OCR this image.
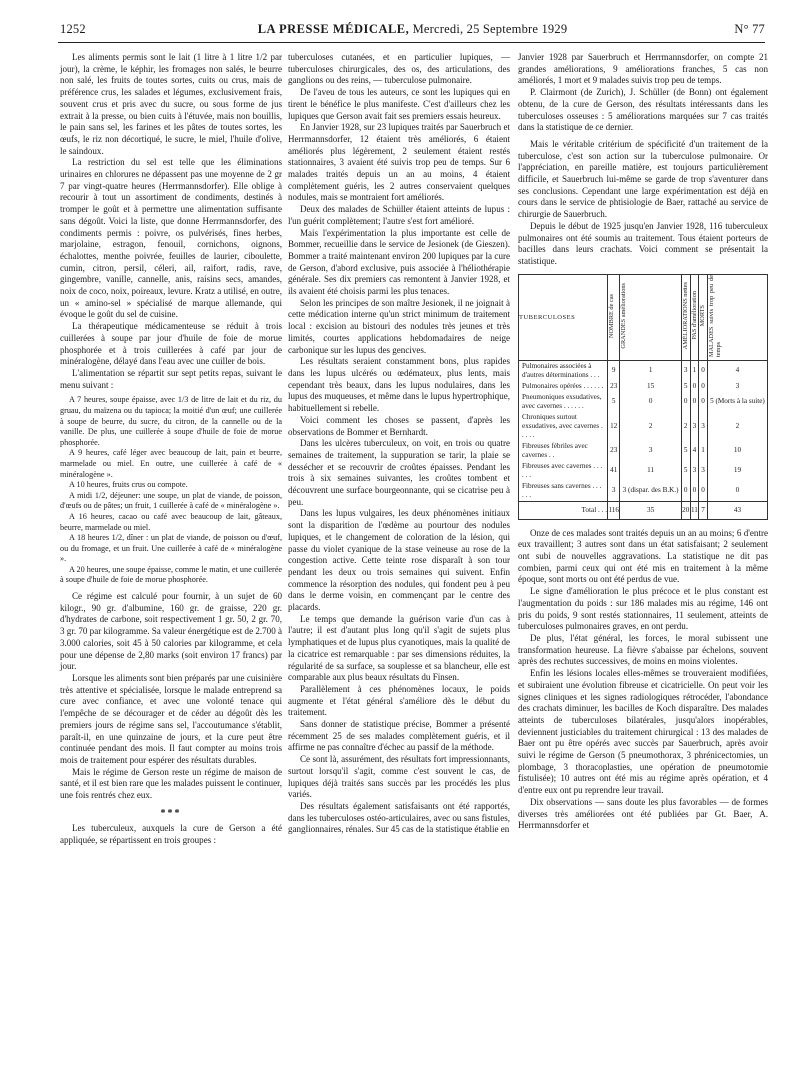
1252	LA PRESSE MÉDICALE, Mercredi, 25 Septembre 1929	N° 77

Les aliments permis sont le lait (1 litre à 1 litre 1/2 par jour), la crème, le képhir, les fromages non salés, le beurre non salé, les fruits de toutes sortes, cuits ou crus, mais de préférence crus, les salades et légumes, exclusivement frais, souvent crus et pris avec du sucre, ou sous forme de jus extrait à la presse, ou bien cuits à l'étuvée, mais non bouillis, le pain sans sel, les farines et les pâtes de toutes sortes, les œufs, le riz non décortiqué, le sucre, le miel, l'huile d'olive, le saindoux.

La restriction du sel est telle que les éliminations urinaires en chlorures ne dépassent pas une moyenne de 2 gr 7 par vingt-quatre heures (Herrmannsdorfer). Elle oblige à recourir à tout un assortiment de condiments, destinés à tromper le goût et à permettre une alimentation suffisante sans dégoût. Voici la liste, que donne Herrmannsdorfer, des condiments permis : poivre, os pulvérisés, fines herbes, marjolaine, estragon, fenouil, cornichons, oignons, échalottes, menthe poivrée, feuilles de laurier, ciboulette, cumin, citron, persil, céleri, ail, raifort, radis, rave, gingembre, vanille, cannelle, anis, raisins secs, amandes, noix de coco, noix, poireaux, levure. Kratz a utilisé, en outre, un « amino-sel » spécialisé de marque allemande, qui évoque le goût du sel de cuisine.

La thérapeutique médicamenteuse se réduit à trois cuillerées à soupe par jour d'huile de foie de morue phosphorée et à trois cuillerées à café par jour de minéralogène, délayé dans l'eau avec une cuiller de bois.

L'alimentation se répartit sur sept petits repas, suivant le menu suivant :

A 7 heures, soupe épaisse, avec 1/3 de litre de lait et du riz, du gruau, du maïzena ou du tapioca; la moitié d'un œuf; une cuillerée à soupe de beurre, du sucre, du citron, de la cannelle ou de la vanille. De plus, une cuillerée à soupe d'huile de foie de morue phosphorée.

A 9 heures, café léger avec beaucoup de lait, pain et beurre, marmelade ou miel. En outre, une cuillerée à café de « minéralogène ».

A 10 heures, fruits crus ou compote.

A midi 1/2, déjeuner: une soupe, un plat de viande, de poisson, d'œufs ou de pâtes; un fruit, 1 cuillerée à café de « minéralogène ».

A 16 heures, cacao ou café avec beaucoup de lait, gâteaux, beurre, marmelade ou miel.

A 18 heures 1/2, dîner : un plat de viande, de poisson ou d'œuf, ou du fromage, et un fruit. Une cuillerée à café de « minéralogène ».

A 20 heures, une soupe épaisse, comme le matin, et une cuillerée à soupe d'huile de foie de morue phosphorée.

Ce régime est calculé pour fournir, à un sujet de 60 kilogr., 90 gr. d'albumine, 160 gr. de graisse, 220 gr. d'hydrates de carbone, soit respectivement 1 gr. 50, 2 gr. 70, 3 gr. 70 par kilogramme. Sa valeur énergétique est de 2.700 à 3.000 calories, soit 45 à 50 calories par kilogramme, et cela pour une dépense de 2,80 marks (soit environ 17 francs) par jour.

Lorsque les aliments sont bien préparés par une cuisinière très attentive et spécialisée, lorsque le malade entreprend sa cure avec confiance, et avec une volonté tenace qui l'empêche de se décourager et de céder au dégoût dès les premiers jours de régime sans sel, l'accoutumance s'établit, paraît-il, en une quinzaine de jours, et la cure peut être continuée pendant des mois. Il faut compter au moins trois mois de traitement pour espérer des résultats durables.

Mais le régime de Gerson reste un régime de maison de santé, et il est bien rare que les malades puissent le continuer, une fois rentrés chez eux.

***

Les tuberculeux, auxquels la cure de Gerson a été appliquée, se répartissent en trois groupes :

tuberculoses cutanées, et en particulier lupiques, — tuberculoses chirurgicales, des os, des articulations, des ganglions ou des reins, — tuberculose pulmonaire.

De l'aveu de tous les auteurs, ce sont les lupiques qui en tirent le bénéfice le plus manifeste. C'est d'ailleurs chez les lupiques que Gerson avait fait ses premiers essais heureux.

En Janvier 1928, sur 23 lupiques traités par Sauerbruch et Herrmannsdorfer, 12 étaient très améliorés, 6 étaient améliorés plus légèrement, 2 seulement étaient restés stationnaires, 3 avaient été suivis trop peu de temps. Sur 6 malades traités depuis un an au moins, 4 étaient complètement guéris, les 2 autres conservaient quelques nodules, mais se montraient fort améliorés.

Deux des malades de Schüller étaient atteints de lupus : l'un guérit complètement; l'autre s'est fort amélioré.

Mais l'expérimentation la plus importante est celle de Bommer, recueillie dans le service de Jesionek (de Gieszen). Bommer a traité maintenant environ 200 lupiques par la cure de Gerson, d'abord exclusive, puis associée à l'héliothérapie générale. Ses dix premiers cas remontent à Janvier 1928, et ils avaient été choisis parmi les plus tenaces.

Selon les principes de son maître Jesionek, il ne joignait à cette médication interne qu'un strict minimum de traitement local : excision au bistouri des nodules très jeunes et très limités, courtes applications hebdomadaires de neige carbonique sur les lupus des gencives.

Les résultats seraient constamment bons, plus rapides dans les lupus ulcérés ou œdémateux, plus lents, mais cependant très beaux, dans les lupus nodulaires, dans les lupus des muqueuses, et même dans le lupus hypertrophique, habituellement si rebelle.

Voici comment les choses se passent, d'après les observations de Bommer et Bernhardt.

Dans les ulcères tuberculeux, on voit, en trois ou quatre semaines de traitement, la suppuration se tarir, la plaie se dessécher et se recouvrir de croûtes épaisses. Pendant les trois à six semaines suivantes, les croûtes tombent et découvrent une surface bourgeonnante, qui se cicatrise peu à peu.

Dans les lupus vulgaires, les deux phénomènes initiaux sont la disparition de l'œdème au pourtour des nodules lupiques, et le changement de coloration de la lésion, qui passe du violet cyanique de la stase veineuse au rose de la congestion active. Cette teinte rose disparaît à son tour pendant les deux ou trois semaines qui suivent. Enfin commence la résorption des nodules, qui fondent peu à peu dans le derme voisin, en commençant par le centre des placards.

Le temps que demande la guérison varie d'un cas à l'autre; il est d'autant plus long qu'il s'agit de sujets plus lymphatiques et de lupus plus cyanotiques, mais la qualité de la cicatrice est remarquable : par ses dimensions réduites, la régularité de sa surface, sa souplesse et sa blancheur, elle est comparable aux plus beaux résultats du Finsen.

Parallèlement à ces phénomènes locaux, le poids augmente et l'état général s'améliore dès le début du traitement.

Sans donner de statistique précise, Bommer a présenté récemment 25 de ses malades complètement guéris, et il affirme ne pas connaître d'échec au passif de la méthode.

Ce sont là, assurément, des résultats fort impressionnants, surtout lorsqu'il s'agit, comme c'est souvent le cas, de lupiques déjà traités sans succès par les procédés les plus variés.

Des résultats également satisfaisants ont été rapportés, dans les tuberculoses ostéo-articulaires, avec ou sans fistules, ganglionnaires, rénales. Sur 45 cas de la statistique établie en

Janvier 1928 par Sauerbruch et Herrmannsdorfer, on compte 21 grandes améliorations, 9 améliorations franches, 5 cas non améliorés, 1 mort et 9 malades suivis trop peu de temps.

P. Clairmont (de Zurich), J. Schüller (de Bonn) ont également obtenu, de la cure de Gerson, des résultats intéressants dans les tuberculoses osseuses : 5 améliorations marquées sur 7 cas traités dans la statistique de ce dernier.

Mais le véritable critérium de spécificité d'un traitement de la tuberculose, c'est son action sur la tuberculose pulmonaire. Or l'appréciation, en pareille matière, est toujours particulièrement difficile, et Sauerbruch lui-même se garde de trop s'aventurer dans ses conclusions. Cependant une large expérimentation est déjà en cours dans le service de phtisiologie de Baer, rattaché au service de chirurgie de Sauerbruch.

Depuis le début de 1925 jusqu'en Janvier 1928, 116 tuberculeux pulmonaires ont été soumis au traitement. Tous étaient porteurs de bacilles dans leurs crachats. Voici comment se présentait la statistique.

TUBERCULOSES	NOMBRE de cas	GRANDES améliorations	AMÉLIORATIONS nettes	PAS d'amélioration	MORTS	MALADES suivis trop peu de temps
Pulmonaires associées à d'autres déterminations . . .	9	1	3	1	0	4
Pulmonaires opérées . . . . . .	23	15	5	0	0	3
Pneumoniques exsudatives, avec cavernes . . . . . .	5	0	0	0	0	5 (Morts à la suite)
Chroniques surtout exsudatives, avec cavernes . . . . .	12	2	2	3	3	2
Fibreuses fébriles avec cavernes . .	23	3	5	4	1	10
Fibreuses avec cavernes . . . . . .	41	11	5	3	3	19
Fibreuses sans cavernes . . . . . .	3	3 (dispar. des B.K.)	0	0	0	0
Total . . .	116	35	20	11	7	43

Onze de ces malades sont traités depuis un an au moins; 6 d'entre eux travaillent; 3 autres sont dans un état satisfaisant; 2 seulement ont subi de nouvelles aggravations. La statistique ne dit pas combien, parmi ceux qui ont été mis en traitement à la même époque, sont morts ou ont été perdus de vue.

Le signe d'amélioration le plus précoce et le plus constant est l'augmentation du poids : sur 186 malades mis au régime, 146 ont pris du poids, 9 sont restés stationnaires, 11 seulement, atteints de tuberculoses pulmonaires graves, en ont perdu.

De plus, l'état général, les forces, le moral subissent une transformation heureuse. La fièvre s'abaisse par échelons, souvent après des rechutes successives, de moins en moins violentes.

Enfin les lésions locales elles-mêmes se trouveraient modifiées, et subiraient une évolution fibreuse et cicatricielle. On peut voir les signes cliniques et les signes radiologiques rétrocéder, l'abondance des crachats diminuer, les bacilles de Koch disparaître. Des malades atteints de tuberculoses bilatérales, jusqu'alors inopérables, deviennent justiciables du traitement chirurgical : 13 des malades de Baer ont pu être opérés avec succès par Sauerbruch, après avoir suivi le régime de Gerson (5 pneumothorax, 3 phrénicectomies, un plombage, 3 thoracoplasties, une opération de pneumotomie fistulisée); 10 autres ont été mis au régime après opération, et 4 d'entre eux ont pu reprendre leur travail.

Dix observations — sans doute les plus favorables — de formes diverses très améliorées ont été publiées par Gt. Baer, A. Herrmannsdorfer et
